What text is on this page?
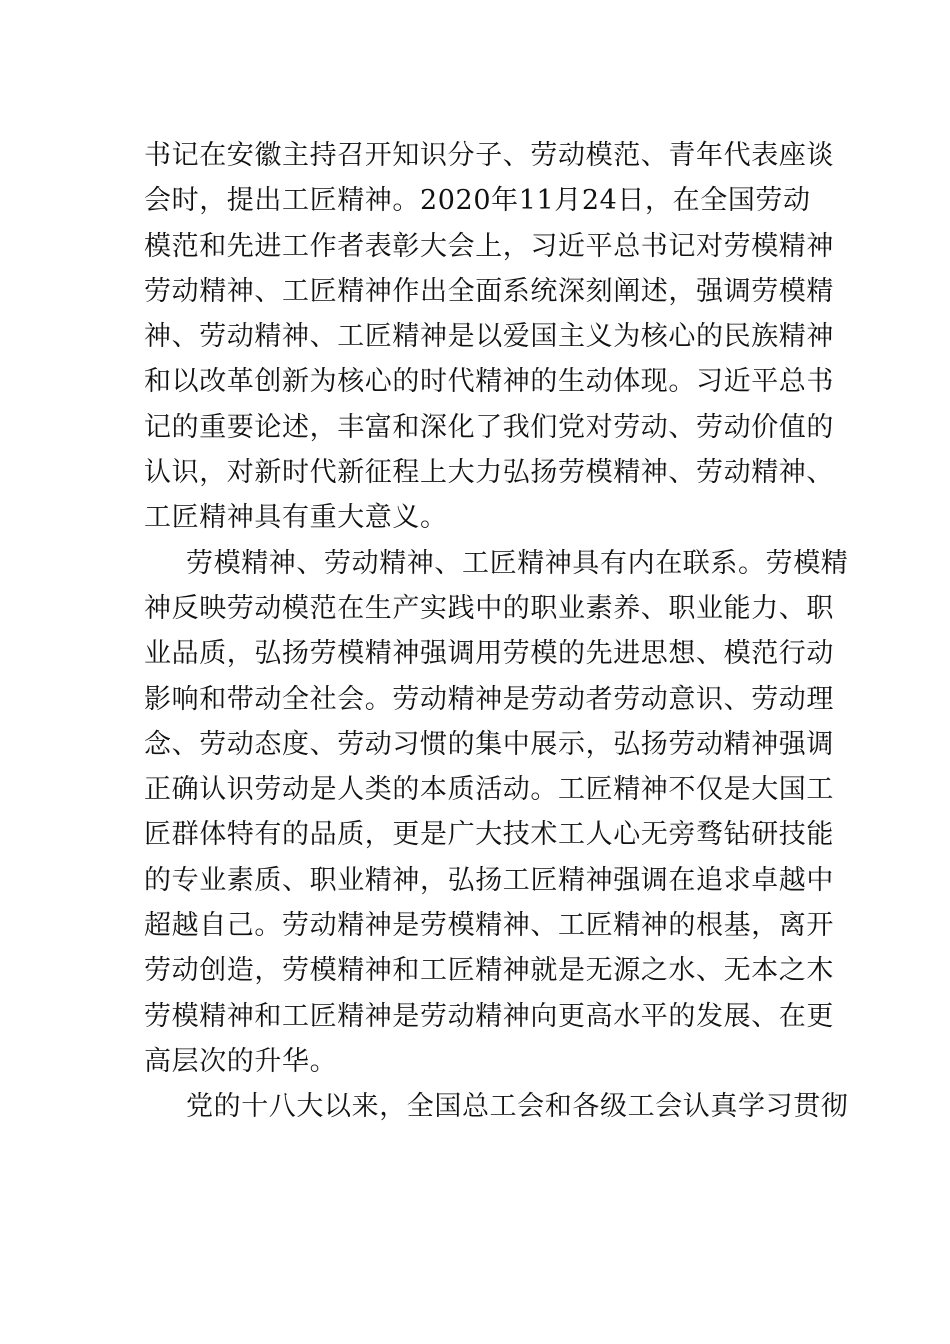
书记在安徽主持召开知识分子、劳动模范、青年代表座谈
会时，提出工匠精神。2020年11月24日，在全国劳动
模范和先进工作者表彰大会上，习近平总书记对劳模精神
劳动精神、工匠精神作出全面系统深刻阐述，强调劳模精
神、劳动精神、工匠精神是以爱国主义为核心的民族精神
和以改革创新为核心的时代精神的生动体现。习近平总书
记的重要论述，丰富和深化了我们党对劳动、劳动价值的
认识，对新时代新征程上大力弘扬劳模精神、劳动精神、
工匠精神具有重大意义。
劳模精神、劳动精神、工匠精神具有内在联系。劳模精
神反映劳动模范在生产实践中的职业素养、职业能力、职
业品质，弘扬劳模精神强调用劳模的先进思想、模范行动
影响和带动全社会。劳动精神是劳动者劳动意识、劳动理
念、劳动态度、劳动习惯的集中展示，弘扬劳动精神强调
正确认识劳动是人类的本质活动。工匠精神不仅是大国工
匠群体特有的品质，更是广大技术工人心无旁骛钻研技能
的专业素质、职业精神，弘扬工匠精神强调在追求卓越中
超越自己。劳动精神是劳模精神、工匠精神的根基，离开
劳动创造，劳模精神和工匠精神就是无源之水、无本之木
劳模精神和工匠精神是劳动精神向更高水平的发展、在更
高层次的升华。
党的十八大以来，全国总工会和各级工会认真学习贯彻
